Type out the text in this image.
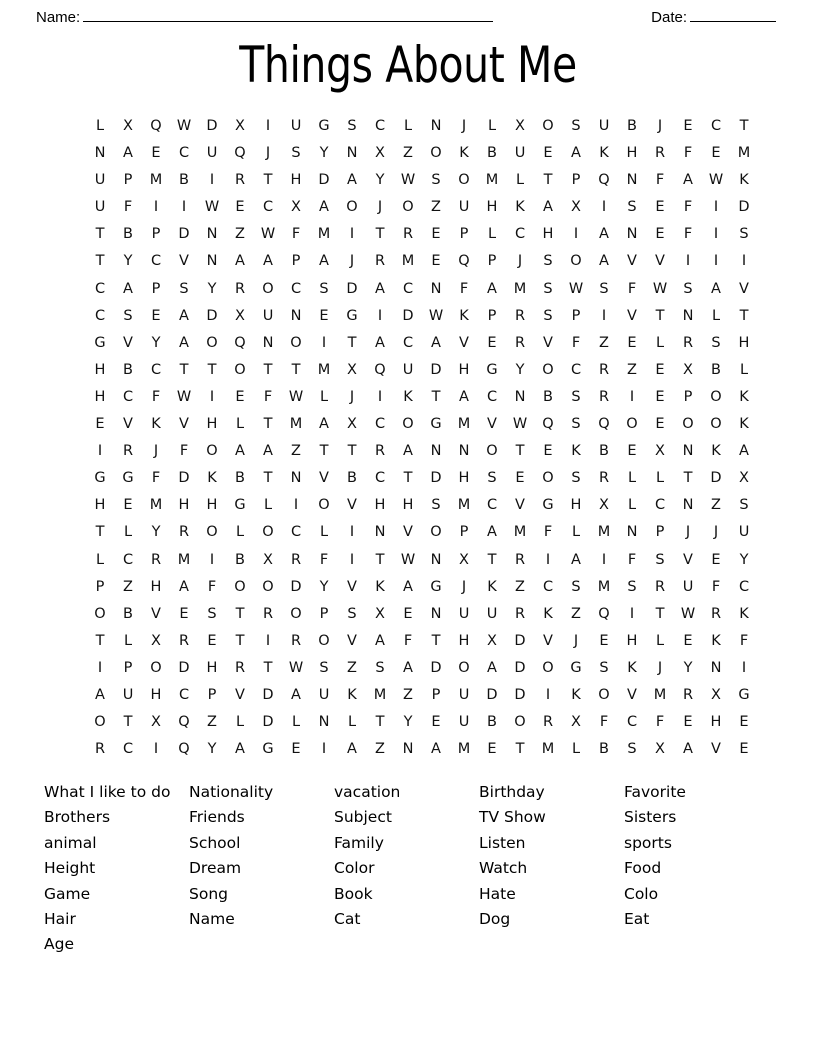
Name:	Date:
Things About Me
L	X	Q	W	D	X	I	U	G	S	C	L	N	J	L	X	O	S	U	B	J	E	C	T
N	A	E	C	U	Q	J	S	Y	N	X	Z	O	K	B	U	E	A	K	H	R	F	E	M
U	P	M	B	I	R	T	H	D	A	Y	W	S	O	M	L	T	P	Q	N	F	A	W	K
U	F	I	I	W	E	C	X	A	O	J	O	Z	U	H	K	A	X	I	S	E	F	I	D
T	B	P	D	N	Z	W	F	M	I	T	R	E	P	L	C	H	I	A	N	E	F	I	S
T	Y	C	V	N	A	A	P	A	J	R	M	E	Q	P	J	S	O	A	V	V	I	I	I
C	A	P	S	Y	R	O	C	S	D	A	C	N	F	A	M	S	W	S	F	W	S	A	V
C	S	E	A	D	X	U	N	E	G	I	D	W	K	P	R	S	P	I	V	T	N	L	T
G	V	Y	A	O	Q	N	O	I	T	A	C	A	V	E	R	V	F	Z	E	L	R	S	H
H	B	C	T	T	O	T	T	M	X	Q	U	D	H	G	Y	O	C	R	Z	E	X	B	L
H	C	F	W	I	E	F	W	L	J	I	K	T	A	C	N	B	S	R	I	E	P	O	K
E	V	K	V	H	L	T	M	A	X	C	O	G	M	V	W	Q	S	Q	O	E	O	O	K
I	R	J	F	O	A	A	Z	T	T	R	A	N	N	O	T	E	K	B	E	X	N	K	A
G	G	F	D	K	B	T	N	V	B	C	T	D	H	S	E	O	S	R	L	L	T	D	X
H	E	M	H	H	G	L	I	O	V	H	H	S	M	C	V	G	H	X	L	C	N	Z	S
T	L	Y	R	O	L	O	C	L	I	N	V	O	P	A	M	F	L	M	N	P	J	J	U
L	C	R	M	I	B	X	R	F	I	T	W	N	X	T	R	I	A	I	F	S	V	E	Y
P	Z	H	A	F	O	O	D	Y	V	K	A	G	J	K	Z	C	S	M	S	R	U	F	C
O	B	V	E	S	T	R	O	P	S	X	E	N	U	U	R	K	Z	Q	I	T	W	R	K
T	L	X	R	E	T	I	R	O	V	A	F	T	H	X	D	V	J	E	H	L	E	K	F
I	P	O	D	H	R	T	W	S	Z	S	A	D	O	A	D	O	G	S	K	J	Y	N	I
A	U	H	C	P	V	D	A	U	K	M	Z	P	U	D	D	I	K	O	V	M	R	X	G
O	T	X	Q	Z	L	D	L	N	L	T	Y	E	U	B	O	R	X	F	C	F	E	H	E
R	C	I	Q	Y	A	G	E	I	A	Z	N	A	M	E	T	M	L	B	S	X	A	V	E
What I like to do
Brothers
animal
Height
Game
Hair
Age
Nationality
Friends
School
Dream
Song
Name
vacation
Subject
Family
Color
Book
Cat
Birthday
TV Show
Listen
Watch
Hate
Dog
Favorite
Sisters
sports
Food
Colo
Eat
